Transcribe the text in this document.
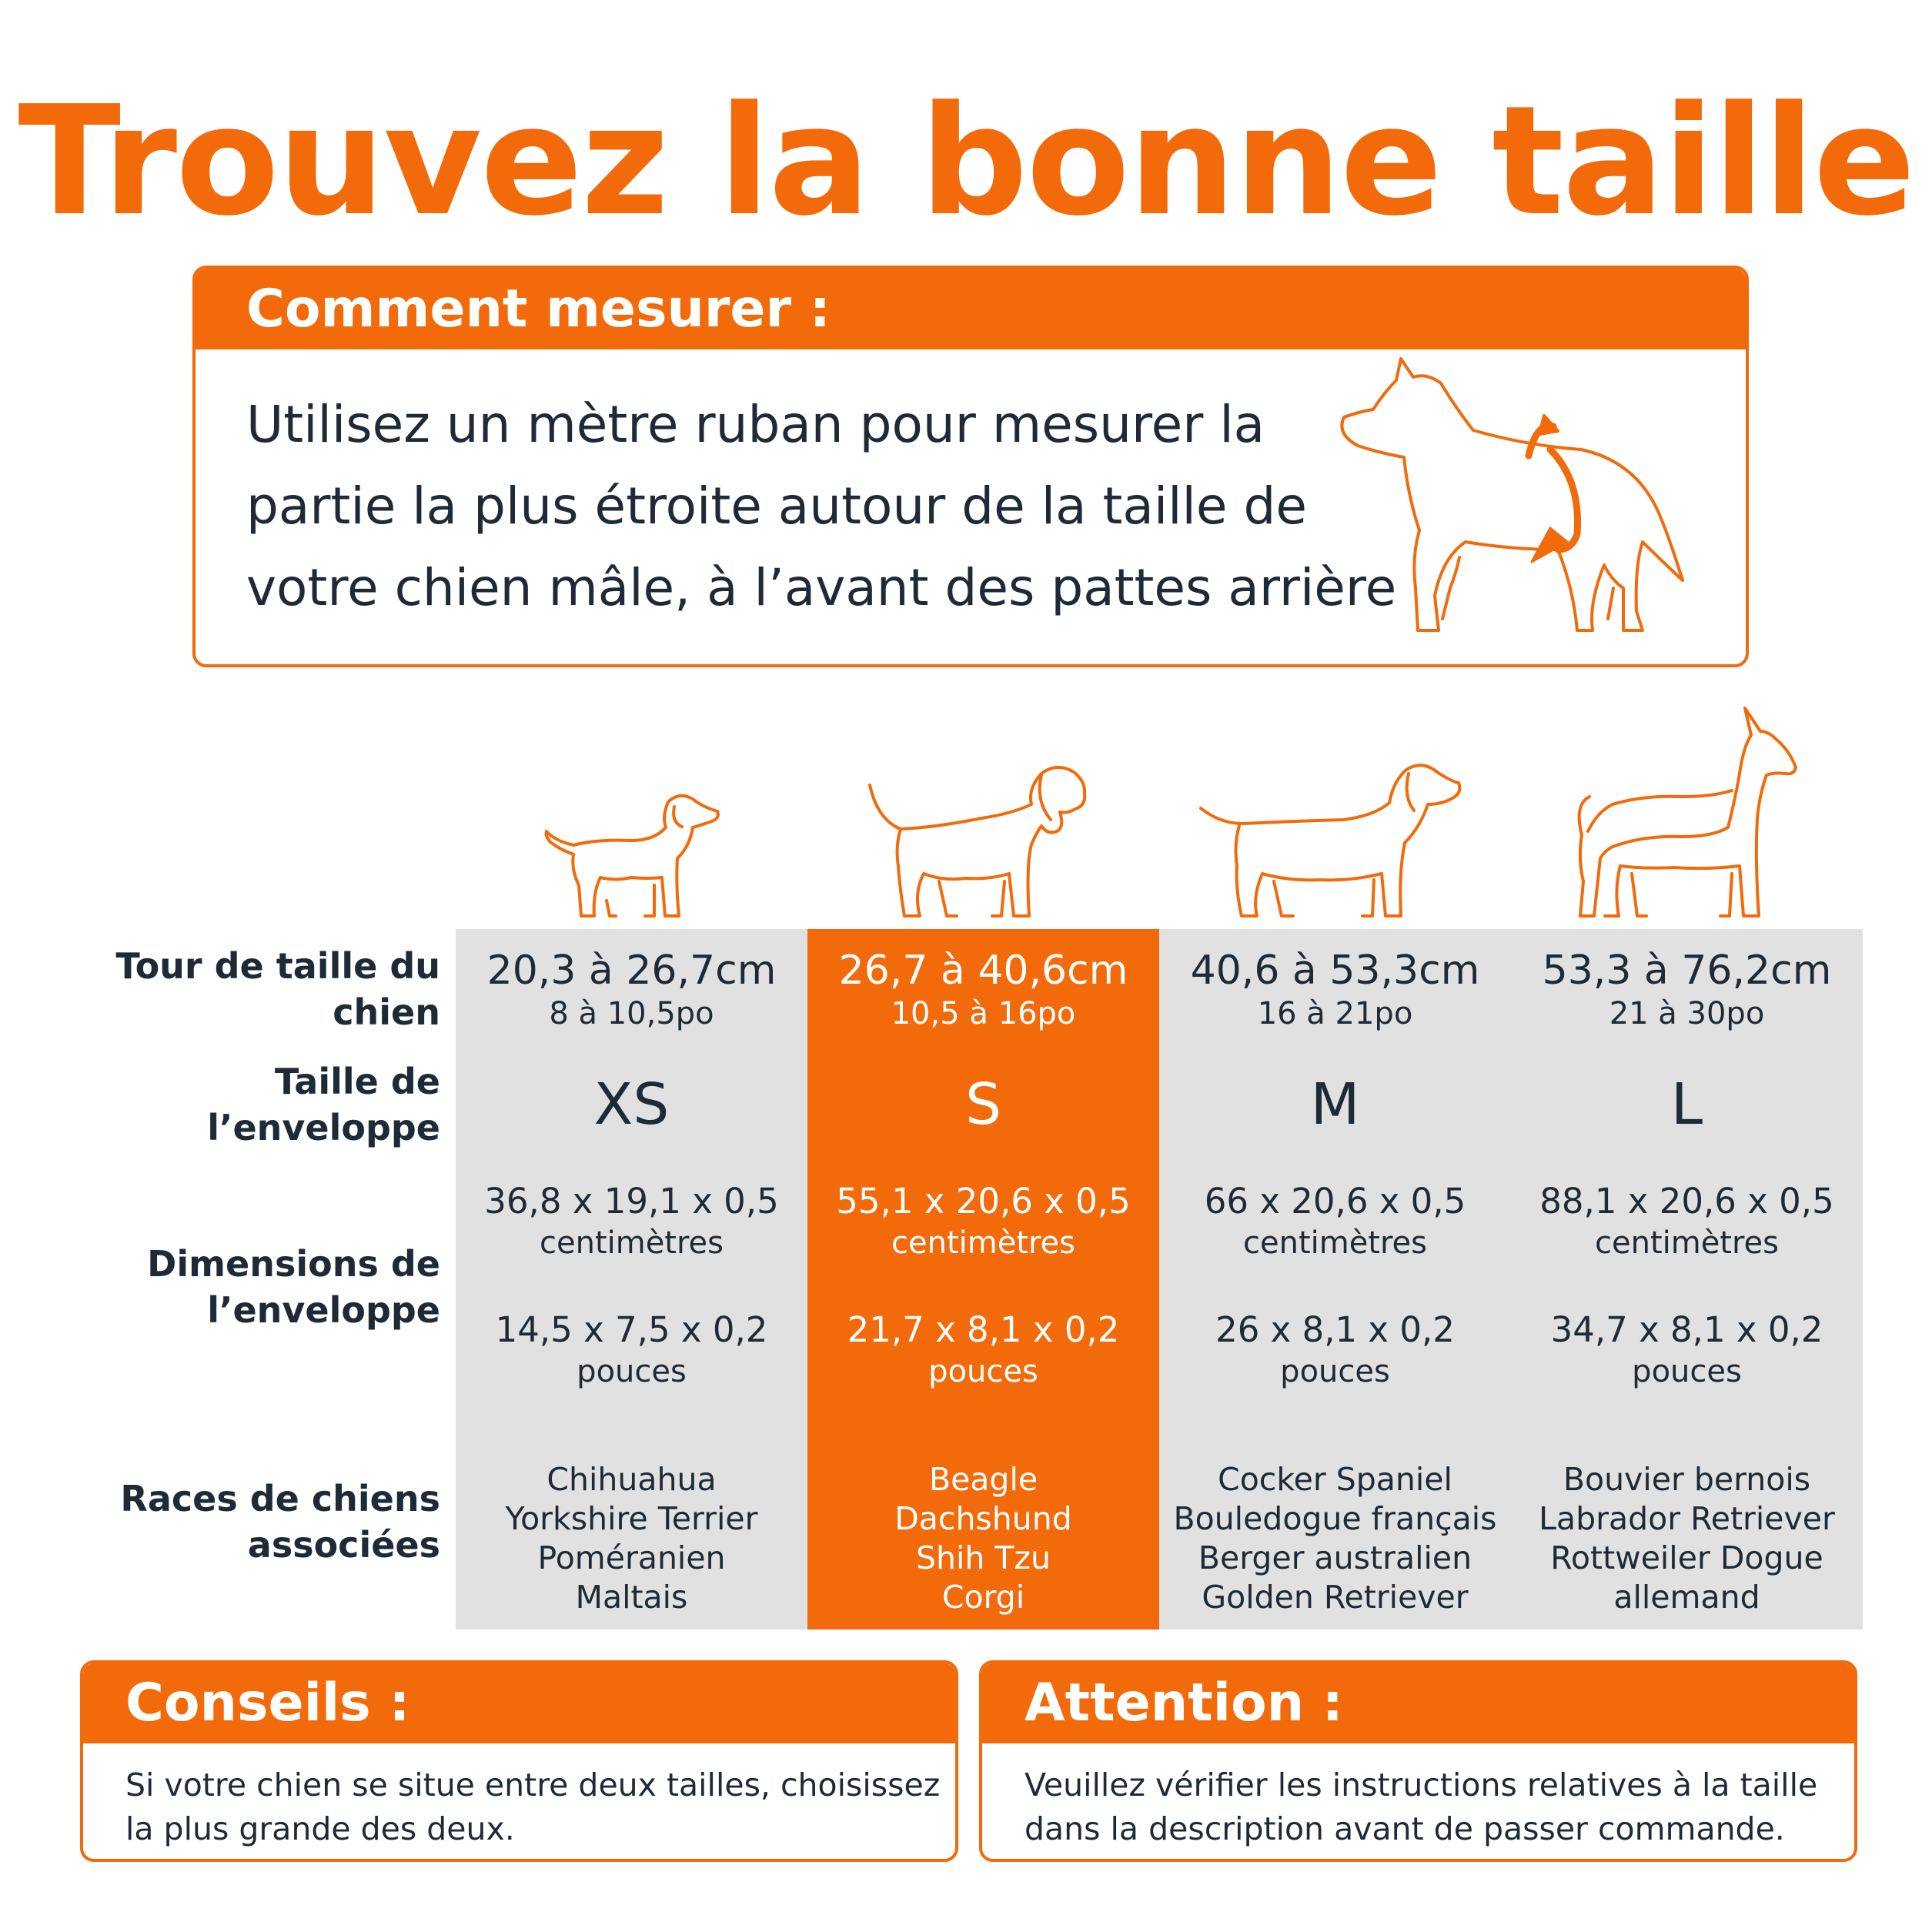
Trouvez la bonne taille
Comment mesurer :
Utilisez un mètre ruban pour mesurer la
partie la plus étroite autour de la taille de
votre chien mâle, à l’avant des pattes arrière
Tour de taille du
chien
Taille de
l’enveloppe
Dimensions de
l’enveloppe
Races de chiens
associées
20,3 à 26,7cm
8 à 10,5po
XS
36,8 x 19,1 x 0,5
centimètres
14,5 x 7,5 x 0,2
pouces
Chihuahua
Yorkshire Terrier
Poméranien
Maltais
26,7 à 40,6cm
10,5 à 16po
S
55,1 x 20,6 x 0,5
centimètres
21,7 x 8,1 x 0,2
pouces
Beagle
Dachshund
Shih Tzu
Corgi
40,6 à 53,3cm
16 à 21po
M
66 x 20,6 x 0,5
centimètres
26 x 8,1 x 0,2
pouces
Cocker Spaniel
Bouledogue français
Berger australien
Golden Retriever
53,3 à 76,2cm
21 à 30po
L
88,1 x 20,6 x 0,5
centimètres
34,7 x 8,1 x 0,2
pouces
Bouvier bernois
Labrador Retriever
Rottweiler Dogue
allemand
Conseils :
Si votre chien se situe entre deux tailles, choisissez
la plus grande des deux.
Attention :
Veuillez vérifier les instructions relatives à la taille
dans la description avant de passer commande.
